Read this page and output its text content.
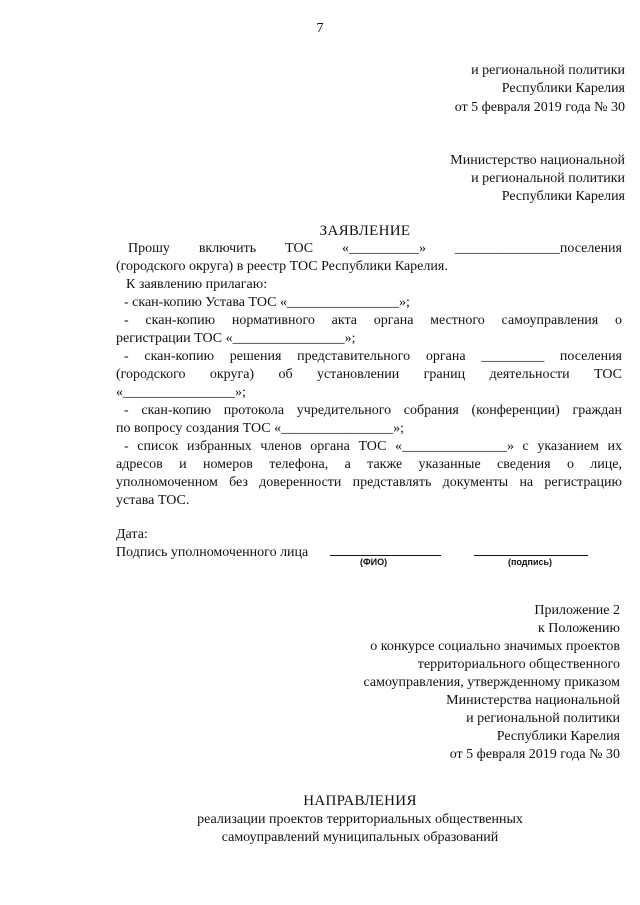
7
и региональной политики
Республики Карелия
от 5 февраля 2019 года № 30
Министерство национальной
и региональной политики
Республики Карелия
ЗАЯВЛЕНИЕ
Прошу включить ТОС «__________» _______________поселения
(городского округа) в реестр ТОС Республики Карелия.
К заявлению прилагаю:
- скан-копию Устава ТОС «________________»;
- скан-копию нормативного акта органа местного самоуправления о
регистрации ТОС «________________»;
- скан-копию решения представительного органа _________ поселения
(городского округа) об установлении границ деятельности ТОС
«________________»;
- скан-копию протокола учредительного собрания (конференции) граждан
по вопросу создания ТОС «________________»;
- список избранных членов органа ТОС «_______________» с указанием их
адресов и номеров телефона, а также указанные сведения о лице,
уполномоченном без доверенности представлять документы на регистрацию
устава ТОС.
Дата:
Подпись уполномоченного лица
(ФИО)	(подпись)
Приложение 2
к Положению
о конкурсе социально значимых проектов
территориального общественного
самоуправления, утвержденному приказом
Министерства национальной
и региональной политики
Республики Карелия
от 5 февраля 2019 года № 30
НАПРАВЛЕНИЯ
реализации проектов территориальных общественных
самоуправлений муниципальных образований
